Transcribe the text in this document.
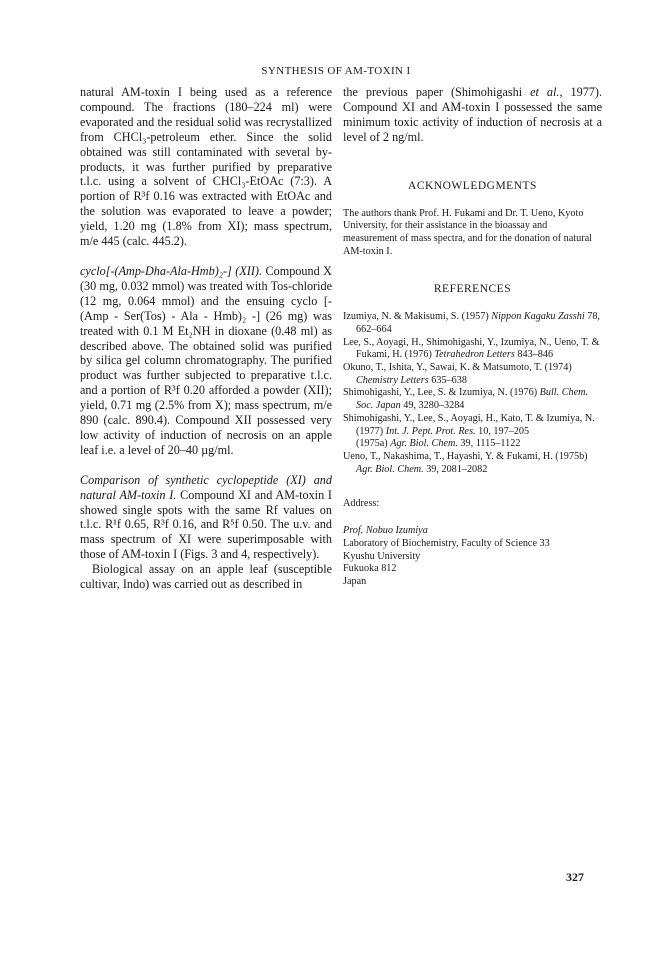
SYNTHESIS OF AM-TOXIN I

natural AM-toxin I being used as a reference compound. The fractions (180–224 ml) were evaporated and the residual solid was recrystallized from CHCl₃-petroleum ether. Since the solid obtained was still contaminated with several by-products, it was further purified by preparative t.l.c. using a solvent of CHCl₃-EtOAc (7:3). A portion of R³f 0.16 was extracted with EtOAc and the solution was evaporated to leave a powder; yield, 1.20 mg (1.8% from XI); mass spectrum, m/e 445 (calc. 445.2).

cyclo[-(Amp-Dha-Ala-Hmb)₂-] (XII). Compound X (30 mg, 0.032 mmol) was treated with Tos-chloride (12 mg, 0.064 mmol) and the ensuing cyclo [- (Amp - Ser(Tos) - Ala - Hmb)₂ -] (26 mg) was treated with 0.1 M Et₂NH in dioxane (0.48 ml) as described above. The obtained solid was purified by silica gel column chromatography. The purified product was further subjected to preparative t.l.c. and a portion of R³f 0.20 afforded a powder (XII); yield, 0.71 mg (2.5% from X); mass spectrum, m/e 890 (calc. 890.4). Compound XII possessed very low activity of induction of necrosis on an apple leaf i.e. a level of 20–40 µg/ml.

Comparison of synthetic cyclopeptide (XI) and natural AM-toxin I. Compound XI and AM-toxin I showed single spots with the same Rf values on t.l.c. R¹f 0.65, R³f 0.16, and R⁵f 0.50. The u.v. and mass spectrum of XI were superimposable with those of AM-toxin I (Figs. 3 and 4, respectively).

Biological assay on an apple leaf (susceptible cultivar, Indo) was carried out as described in

the previous paper (Shimohigashi et al., 1977). Compound XI and AM-toxin I possessed the same minimum toxic activity of induction of necrosis at a level of 2 ng/ml.

ACKNOWLEDGMENTS

The authors thank Prof. H. Fukami and Dr. T. Ueno, Kyoto University, for their assistance in the bioassay and measurement of mass spectra, and for the donation of natural AM-toxin I.

REFERENCES

Izumiya, N. & Makisumi, S. (1957) Nippon Kagaku Zasshi 78, 662–664

Lee, S., Aoyagi, H., Shimohigashi, Y., Izumiya, N., Ueno, T. & Fukami, H. (1976) Tetrahedron Letters 843–846

Okuno, T., Ishita, Y., Sawai, K. & Matsumoto, T. (1974) Chemistry Letters 635–638

Shimohigashi, Y., Lee, S. & Izumiya, N. (1976) Bull. Chem. Soc. Japan 49, 3280–3284

Shimohigashi, Y., Lee, S., Aoyagi, H., Kato, T. & Izumiya, N. (1977) Int. J. Pept. Prot. Res. 10, 197–205

(1975a) Agr. Biol. Chem. 39, 1115–1122

Ueno, T., Nakashima, T., Hayashi, Y. & Fukami, H. (1975b) Agr. Biol. Chem. 39, 2081–2082

Address:

Prof. Nobuo Izumiya

Laboratory of Biochemistry, Faculty of Science 33

Kyushu University

Fukuoka 812

Japan

327
